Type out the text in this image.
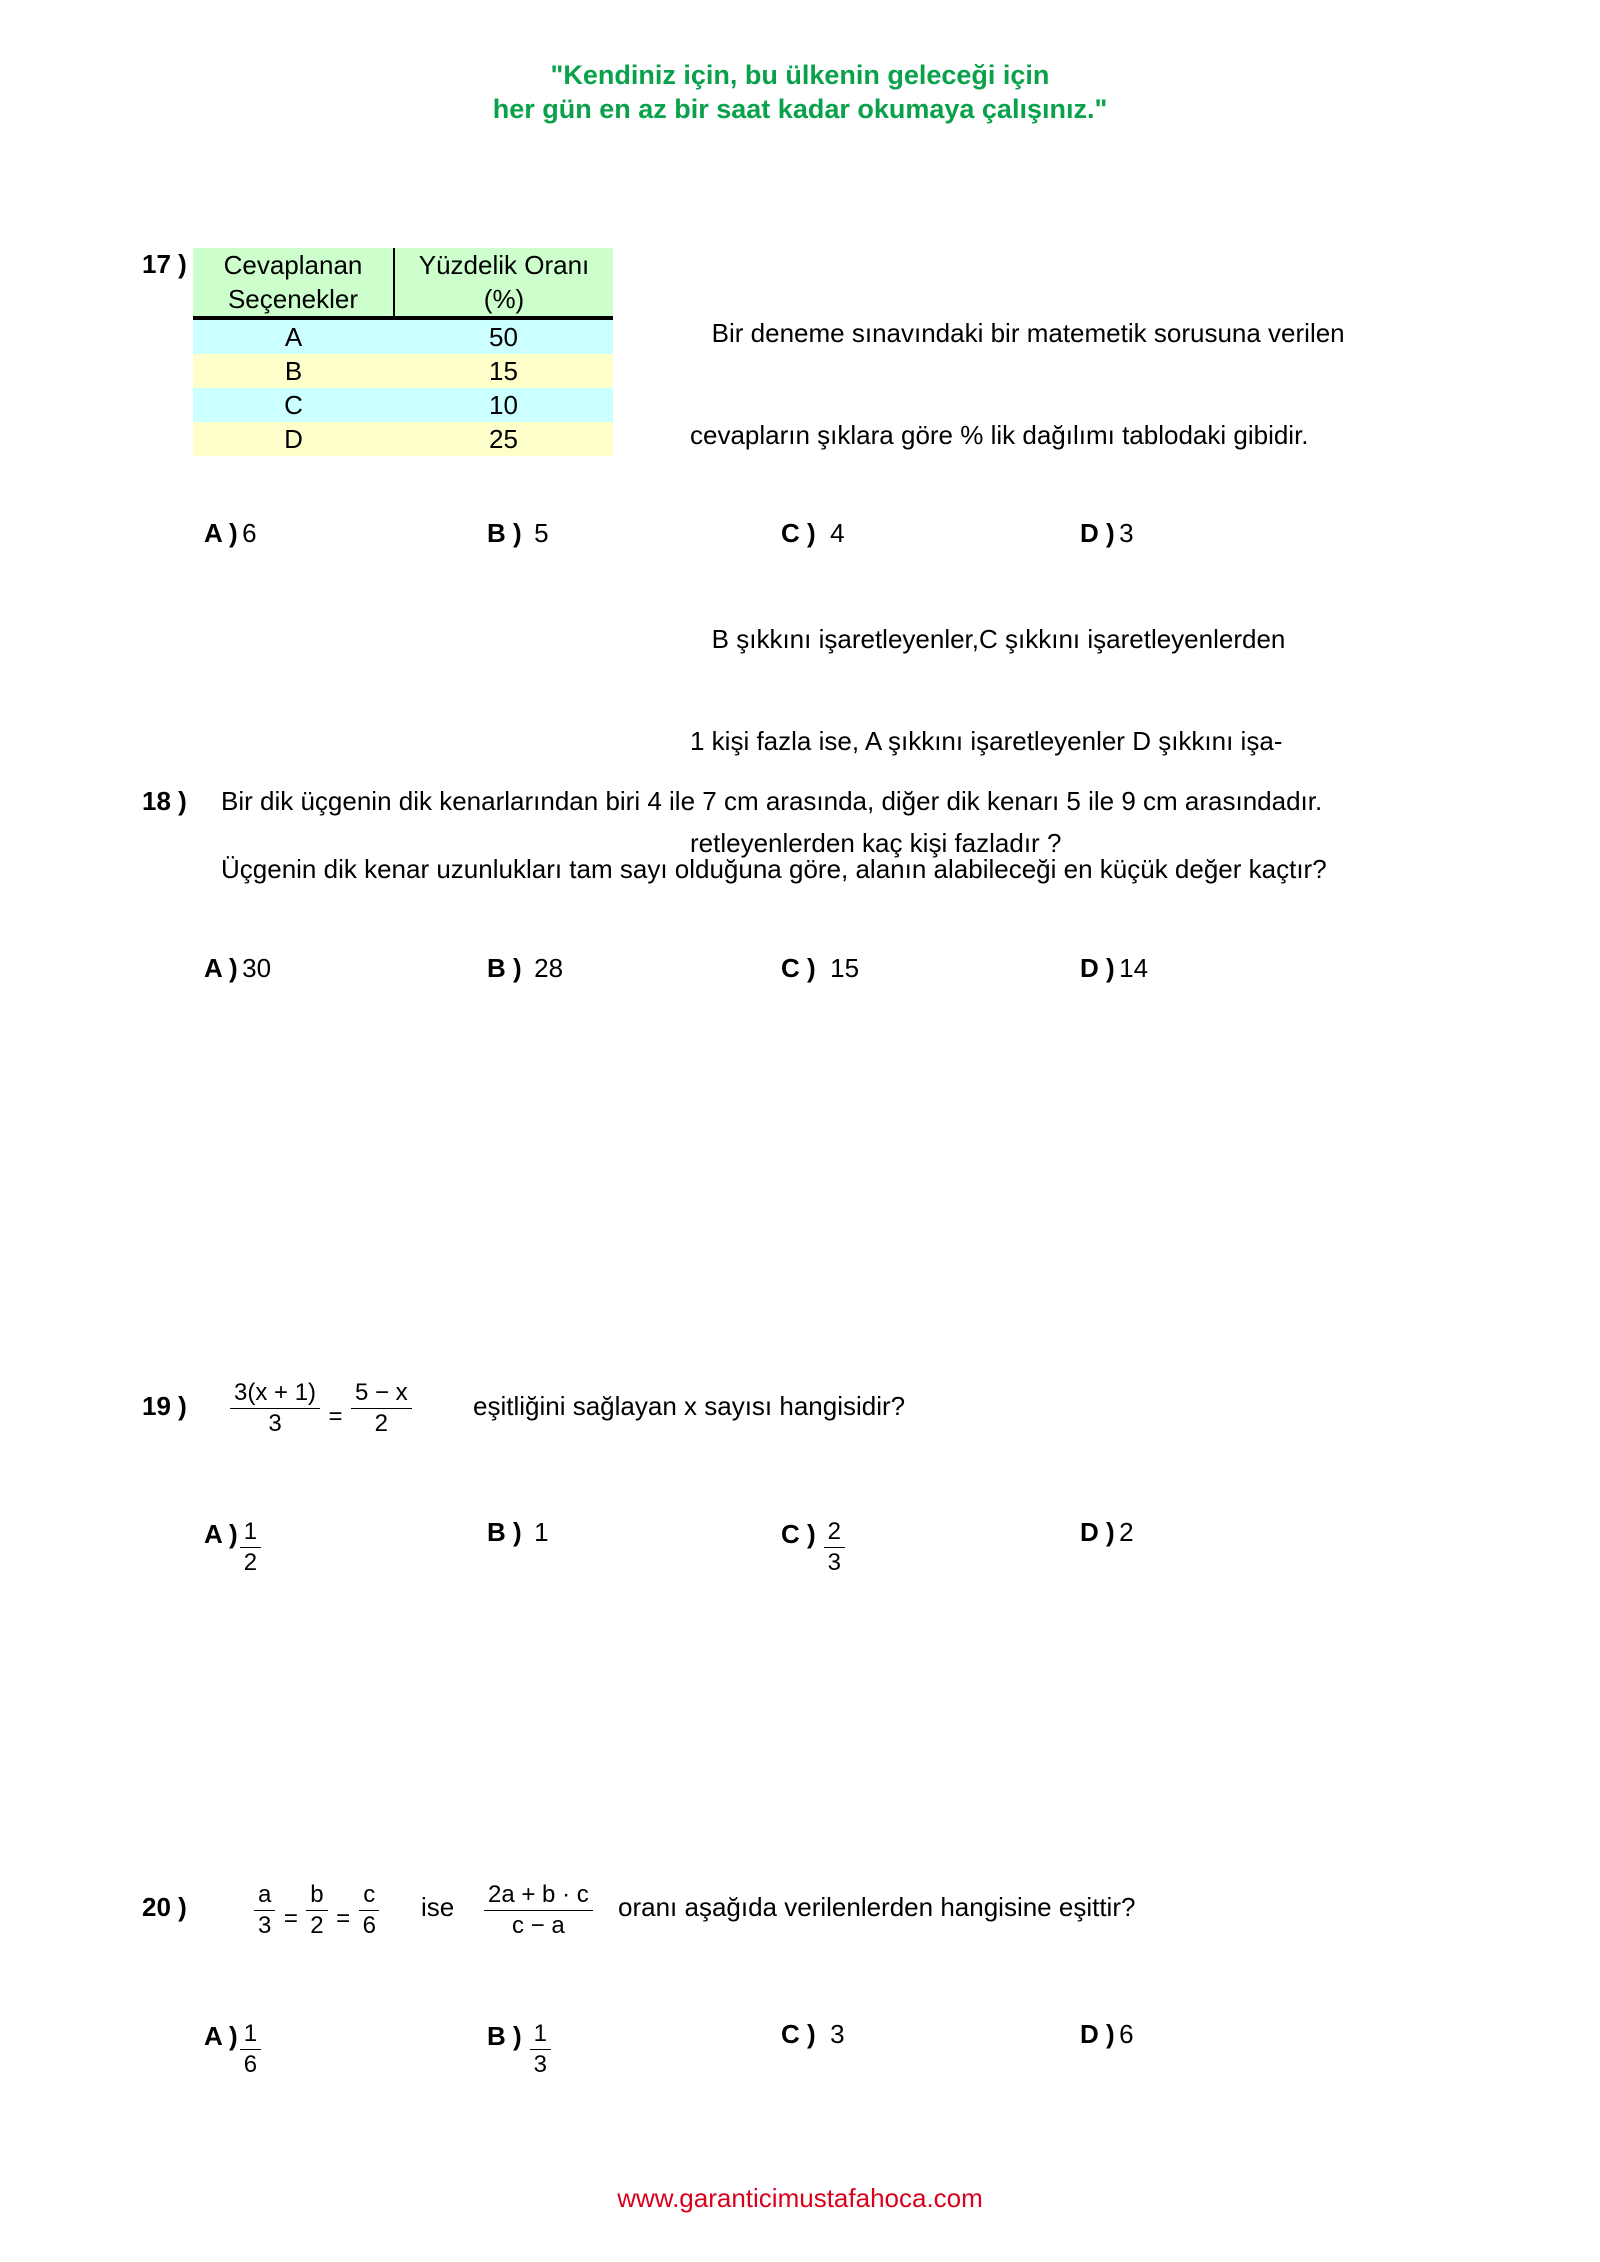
"Kendiniz için, bu ülkenin geleceği için
her gün en az bir saat kadar okumaya çalışınız."
17 ) Cevaplanan	Yüzdelik Oranı
Seçenekler	(%)
A	50
B	15
C	10
D	25

Bir deneme sınavındaki bir matemetik sorusuna verilen

cevapların şıklara göre % lik dağılımı tablodaki gibidir.

B şıkkını işaretleyenler,C şıkkını işaretleyenlerden

1 kişi fazla ise, A şıkkını işaretleyenler D şıkkını işa-

retleyenlerden kaç kişi fazladır ?

A ) 6	B ) 5	C ) 4	D ) 3
18 ) Bir dik üçgenin dik kenarlarından biri 4 ile 7 cm arasında, diğer dik kenarı 5 ile 9 cm arasındadır.
Üçgenin dik kenar uzunlukları tam sayı olduğuna göre, alanın alabileceği en küçük değer kaçtır?
A ) 30	B ) 28	C ) 15	D ) 14
19 ) $\frac{3(x + 1)}{3} = \frac{5 - x}{2}$ eşitliğini sağlayan x sayısı hangisidir?
A ) $\frac{1}{2}$	B ) 1	C ) $\frac{2}{3}$	D ) 2
20 )	$\frac{a}{3} = \frac{b}{2} = \frac{c}{6}$ ise $\frac{2a + b \cdot c}{c - a}$ oranı aşağıda verilenlerden hangisine eşittir?
A ) $\frac{1}{6}$	B ) $\frac{1}{3}$	C ) 3	D ) 6
www.garanticimustafahoca.com
